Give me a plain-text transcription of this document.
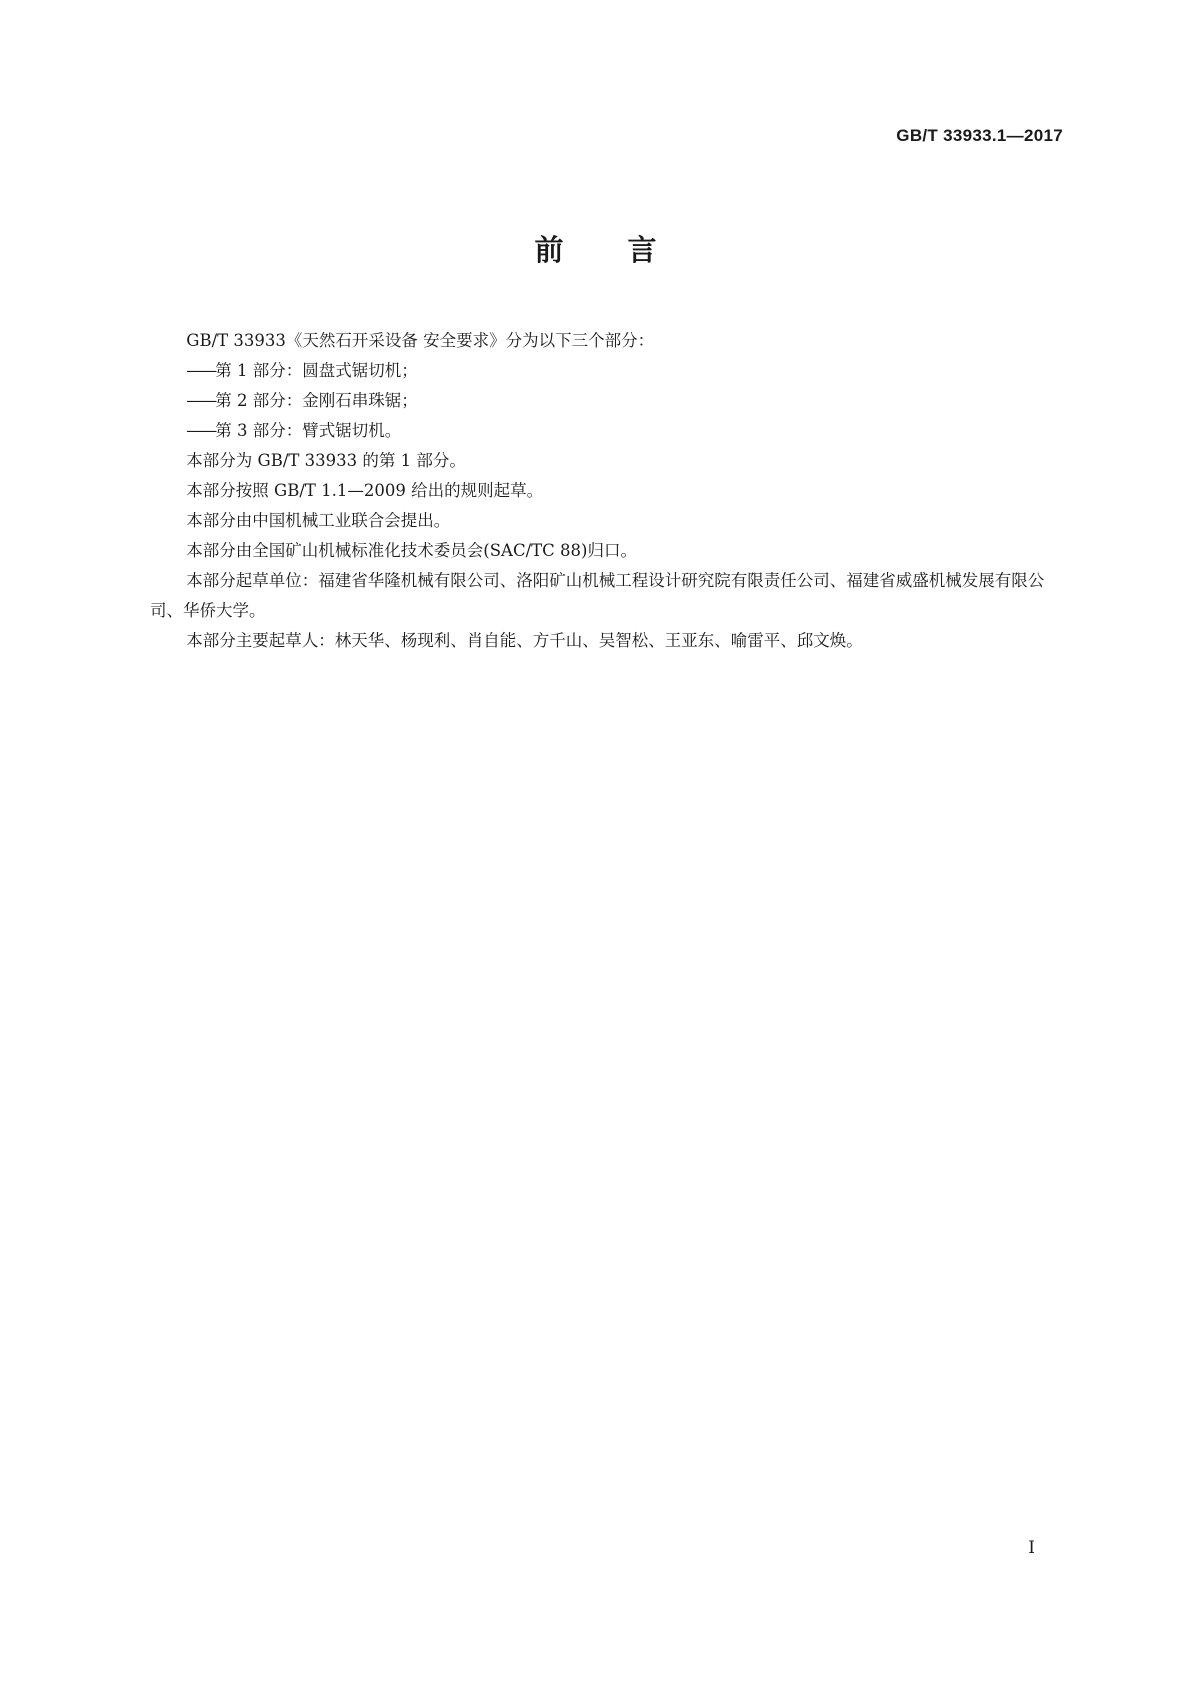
GB/T 33933.1—2017
前言

GB/T 33933《天然石开采设备 安全要求》分为以下三个部分：

——第 1 部分：圆盘式锯切机；

——第 2 部分：金刚石串珠锯；

——第 3 部分：臂式锯切机。

本部分为 GB/T 33933 的第 1 部分。

本部分按照 GB/T 1.1—2009 给出的规则起草。

本部分由中国机械工业联合会提出。

本部分由全国矿山机械标准化技术委员会(SAC/TC 88)归口。

本部分起草单位：福建省华隆机械有限公司、洛阳矿山机械工程设计研究院有限责任公司、福建省威盛机械发展有限公司、华侨大学。

本部分主要起草人：林天华、杨现利、肖自能、方千山、吴智松、王亚东、喻雷平、邱文焕。

I
